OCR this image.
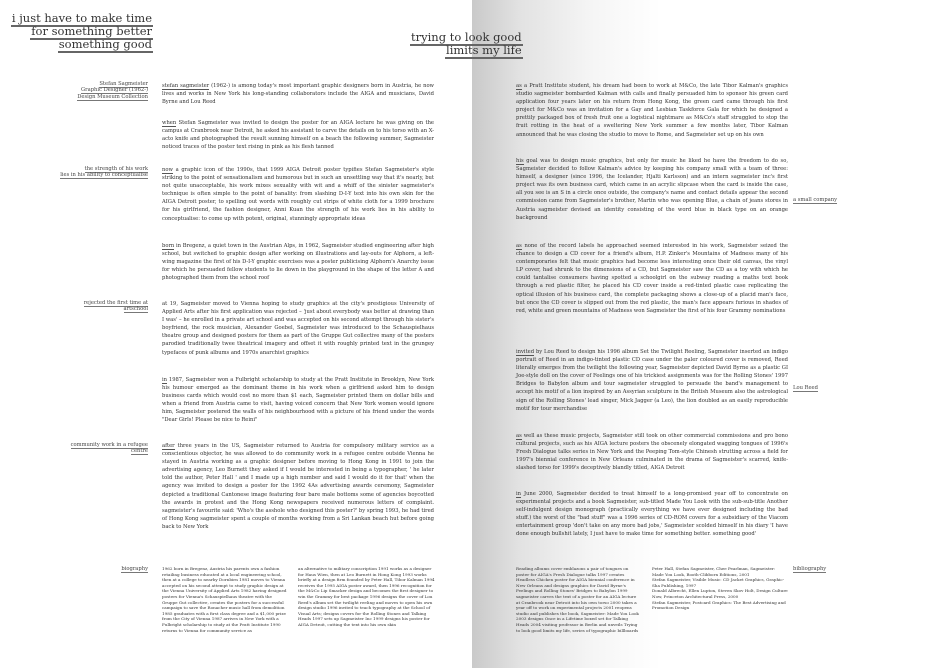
i just have to make time
for something better
something good	trying to look good
limits my life
Stefan Sagmeister
Graphic Designer (1962-)
Design Museum Collection
the strength of his work
lies in his ability to conceptualise
rejected the first time at
artschool
community work in a refugee
centre
biography
stefan sagmeister (1962-) is among today's most important graphic designers born in Austria, he now lives and works in New York his long-standing collaborators include the AIGA and musicians, David Byrne and Lou Reed
when Stefan Sagmeister was invited to design the poster for an AIGA lecture he was giving on the campus at Cranbrook near Detroit, he asked his assistant to carve the details on to his torso with an X-acto knife and photographed the result sunning himself on a beach the following summer, Sagmeister noticed traces of the poster text rising in pink as his flesh tanned
now a graphic icon of the 1990s, that 1999 AIGA Detroit poster typifies Stefan Sagmeister's style striking to the point of sensationalism and humorous but in such an unsettling way that it's nearly, but not quite unacceptable, his work mixes sexuality with wit and a whiff of the sinister sagmeister's technique is often simple to the point of banality: from slashing D-I-Y text into his own skin for the AIGA Detroit poster, to spelling out words with roughly cut strips of white cloth for a 1999 brochure for his girlfriend, the fashion designer, Anni Kuan the strength of his work lies in his ability to conceptualise: to come up with potent, original, stunningly appropriate ideas
born in Bregenz, a quiet town in the Austrian Alps, in 1962, Sagmeister studied engineering after high school, but switched to graphic design after working on illustrations and lay-outs for Alphorn, a left-wing magazine the first of his D-I-Y graphic exercises was a poster publicising Alphorn's Anarchy issue for which he persuaded fellow students to lie down in the playground in the shape of the letter A and photographed them from the school roof
at 19, Sagmeister moved to Vienna hoping to study graphics at the city's prestigious University of Applied Arts after his first application was rejected – 'just about everybody was better at drawing than I was' – he enrolled in a private art school and was accepted on his second attempt through his sister's boyfriend, the rock musician, Alexander Goebel, Sagmeister was introduced to the Schauspielhaus theatre group and designed posters for them as part of the Gruppe Gut collective many of the posters parodied traditionally twee theatrical imagery and offset it with roughly printed text in the grungey typefaces of punk albums and 1970s anarchist graphics
in 1987, Sagmeister won a Fulbright scholarship to study at the Pratt Institute in Brooklyn, New York his humour emerged as the dominant theme in his work when a girlfriend asked him to design business cards which would cost no more than $1 each, Sagmeister printed them on dollar bills and when a friend from Austria came to visit, having voiced concern that New York women would ignore him, Sagmeister postered the walls of his neighbourhood with a picture of his friend under the words "Dear Girls! Please be nice to Reini"
after three years in the US, Sagmeister returned to Austria for compulsory military service as a conscientious objector, he was allowed to do community work in a refugee centre outside Vienna he stayed in Austria working as a graphic designer before moving to Hong Kong in 1991 to join the advertising agency, Leo Burnett they asked if I would be interested in being a typographer, ' he later told the author, Peter Hall ' and I made up a high number and said I would do it for that' when the agency was invited to design a poster for the 1992 4As advertising awards ceremony, Sagmeister depicted a traditional Cantonese image featuring four bare male bottoms some of agencies boycotted the awards in protest and the Hong Kong newspapers received numerous letters of complaint. sagmeister's favourite said: 'Who's the asshole who designed this poster?' by spring 1993, he had tired of Hong Kong sagmeister spent a couple of months working from a Sri Lankan beach hut before going back to New York
1962 born in Bregenz, Austria his parents own a fashion retailing business educated at a local engineering school, then at a college to nearby Dornbirn 1981 moves to Vienna accepted on his second attempt to study graphic design at the Vienna University of Applied Arts 1982 having designed posters for Vienna's Schauspielhaus theatre with the Gruppe Gut collective, creates the posters for a successful campaign to save the Ronacher music hall from demolition 1985 graduates with a first class degree and a $1,000 prize from the City of Vienna 1987 arrives in New York with a Fulbright scholarship to study at the Pratt Institute 1990 returns to Vienna for community service as
an alternative to military conscription 1991 works as a designer for Haus Wien, then at Leo Burnett in Hong Kong 1993 works briefly at a design firm founded by Peter Hall, Tibor Kalman 1994 receives the 1995 AIGA poster award, then 1996 recognition for the M&Co Lip Smacker design and becomes the first designer to win the Grammy for best package 1996 designs the cover of Lou Reed's album set the twilight reeling and moves to open his own design studio 1996 invited to teach typography at the School of Visual Arts; designs covers for the Rolling Stones and Talking Heads 1997 sets up Sagmeister Inc 1999 designs his poster for AIGA Detroit, cutting the text into his own skin
a small company
Lou Reed
bibliography
as a Pratt Institute student, his dream had been to work at M&Co, the late Tibor Kalman's graphics studio sagmeister bombarded Kalman with calls and finally persuaded him to sponsor his green card application four years later on his return from Hong Kong, the green card came through his first project for M&Co was an invitation for a Gay and Lesbian Taskforce Gala for which he designed a prettily packaged box of fresh fruit one a logistical nightmare as M&Co's staff struggled to stop the fruit rotting in the heat of a sweltering New York summer a few months later, Tibor Kalman announced that he was closing the studio to move to Rome, and Sagmeister set up on his own
his goal was to design music graphics, but only for music he liked he have the freedom to do so, Sagmeister decided to follow Kalman's advice by keeping his company small with a team of three: himself, a designer (since 1996, the Icelander, Hjalti Karlsson) and an intern sagmeister inc's first project was its own business card, which came in an acrylic slipcase when the card is inside the case, all you see is an S in a circle once outside, the company's name and contact details appear the second commission came from Sagmeister's brother, Martin who was opening Blue, a chain of jeans stores in Austria sagmeister devised an identity consisting of the word blue in black type on an orange background
as none of the record labels he approached seemed interested in his work, Sagmeister seized the chance to design a CD cover for a friend's album, H.P. Zinker's Mountains of Madness many of his contemporaries felt that music graphics had become less interesting once their old canvas, the vinyl LP cover, had shrunk to the dimensions of a CD, but Sagmeister saw the CD as a toy with which he could tantalise consumers having spotted a schoolgirl on the subway reading a maths text book through a red plastic filter, he placed his CD cover inside a red-tinted plastic case replicating the optical illusion of his business card, the complete packaging shows a close-up of a placid man's face, but once the CD cover is slipped out from the red plastic, the man's face appears furious in shades of red, white and green mountains of Madness won Sagmeister the first of his four Grammy nominations
invited by Lou Reed to design his 1996 album Set the Twilight Reeling, Sagmeister inserted an indigo portrait of Reed in an indigo-tinted plastic CD case under the paler coloured cover is removed, Reed literally emerges from the twilight the following year, Sagmeister depicted David Byrne as a plastic GI Joe-style doll on the cover of Feelings one of his trickiest assignments was for the Rolling Stones' 1997 Bridges to Babylon album and tour sagmeister struggled to persuade the band's management to accept his motif of a lion inspired by an Assyrian sculpture in the British Museum also the astrological sign of the Rolling Stones' lead singer, Mick Jagger (a Leo), the lion doubled as an easily reproducible motif for tour merchandise
as well as these music projects, Sagmeister still took on other commercial commissions and pro bono cultural projects, such as his AIGA lecture posters the obscenely elongated wagging tongues of 1996's Fresh Dialogue talks series in New York and the Peeping Tom-style Chinesh strutting across a field for 1997's biennial conference in New Orleans culminated in the drama of Sagmeister's scarred, knife-slashed torso for 1999's deceptively blandly titled, AIGA Detroit
in June 2000, Sagmeister decided to treat himself to a long-promised year off to concentrate on experimental projects and a book Sagmeister, sub-titled Made You Look with the sub-sub-title Another self-indulgent design monograph (practically everything we have ever designed including the bad stuff.) the worst of the "bad stuff" was a 1996 series of CD-ROM covers for a subsidiary of the Viacom entertainment group 'don't take on any more bad jobs,' Sagmeister scolded himself in his diary 'I have done enough bullshit lately, I just have to make time for something better. something good'
Reading albums cover emblazons a pair of tongues on poster for AIGA's Fresh Dialogue talks 1997 creates Headless Chicken poster for AIGA biennial conference in New Orleans and designs graphics for David Byrne's Feelings and Rolling Stones' Bridges to Babylon 1999 sagmeister carves the text of a poster for an AIGA lecture at Cranbrook near Detroit into his own torso 2000 takes a year off to work on experimental projects 2001 reopens studio and publishes the book, Sagmeister: Made You Look 2003 designs Once in a Lifetime boxed set for Talking Heads 2004 visiting professor in Berlin and unveils Trying to look good limits my life, series of typographic billboards
Peter Hall, Stefan Sagmeister, Chee Pearlman, Sagmeister: Made You Look, Booth-Clibborn Editions, 2001
Stefan Sagmeister, Visible Music: CD Jacket Graphics, Graphic-Sha Publishing, 1997
Donald Albrecht, Ellen Lupton, Steven Skov Holt, Design Culture Now, Princeton Architectural Press, 2000
Stefan Sagmeister, Postcard Graphics: The Best Advertising and Promotion Design
